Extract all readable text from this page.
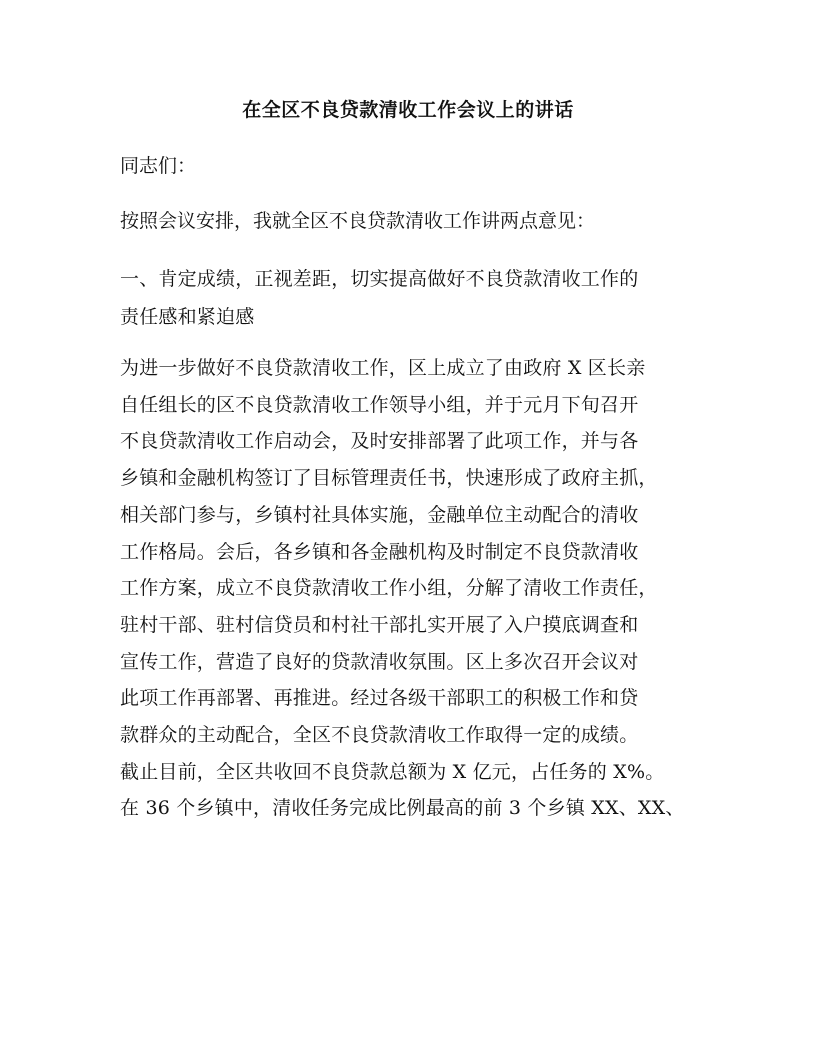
在全区不良贷款清收工作会议上的讲话
同志们：
按照会议安排，我就全区不良贷款清收工作讲两点意见：
一、肯定成绩，正视差距，切实提高做好不良贷款清收工作的
责任感和紧迫感
为进一步做好不良贷款清收工作，区上成立了由政府 X 区长亲
自任组长的区不良贷款清收工作领导小组，并于元月下旬召开
不良贷款清收工作启动会，及时安排部署了此项工作，并与各
乡镇和金融机构签订了目标管理责任书，快速形成了政府主抓，
相关部门参与，乡镇村社具体实施，金融单位主动配合的清收
工作格局。会后，各乡镇和各金融机构及时制定不良贷款清收
工作方案，成立不良贷款清收工作小组，分解了清收工作责任，
驻村干部、驻村信贷员和村社干部扎实开展了入户摸底调查和
宣传工作，营造了良好的贷款清收氛围。区上多次召开会议对
此项工作再部署、再推进。经过各级干部职工的积极工作和贷
款群众的主动配合，全区不良贷款清收工作取得一定的成绩。
截止目前，全区共收回不良贷款总额为 X 亿元，占任务的 X%。
在 36 个乡镇中，清收任务完成比例最高的前 3 个乡镇 XX、XX、
